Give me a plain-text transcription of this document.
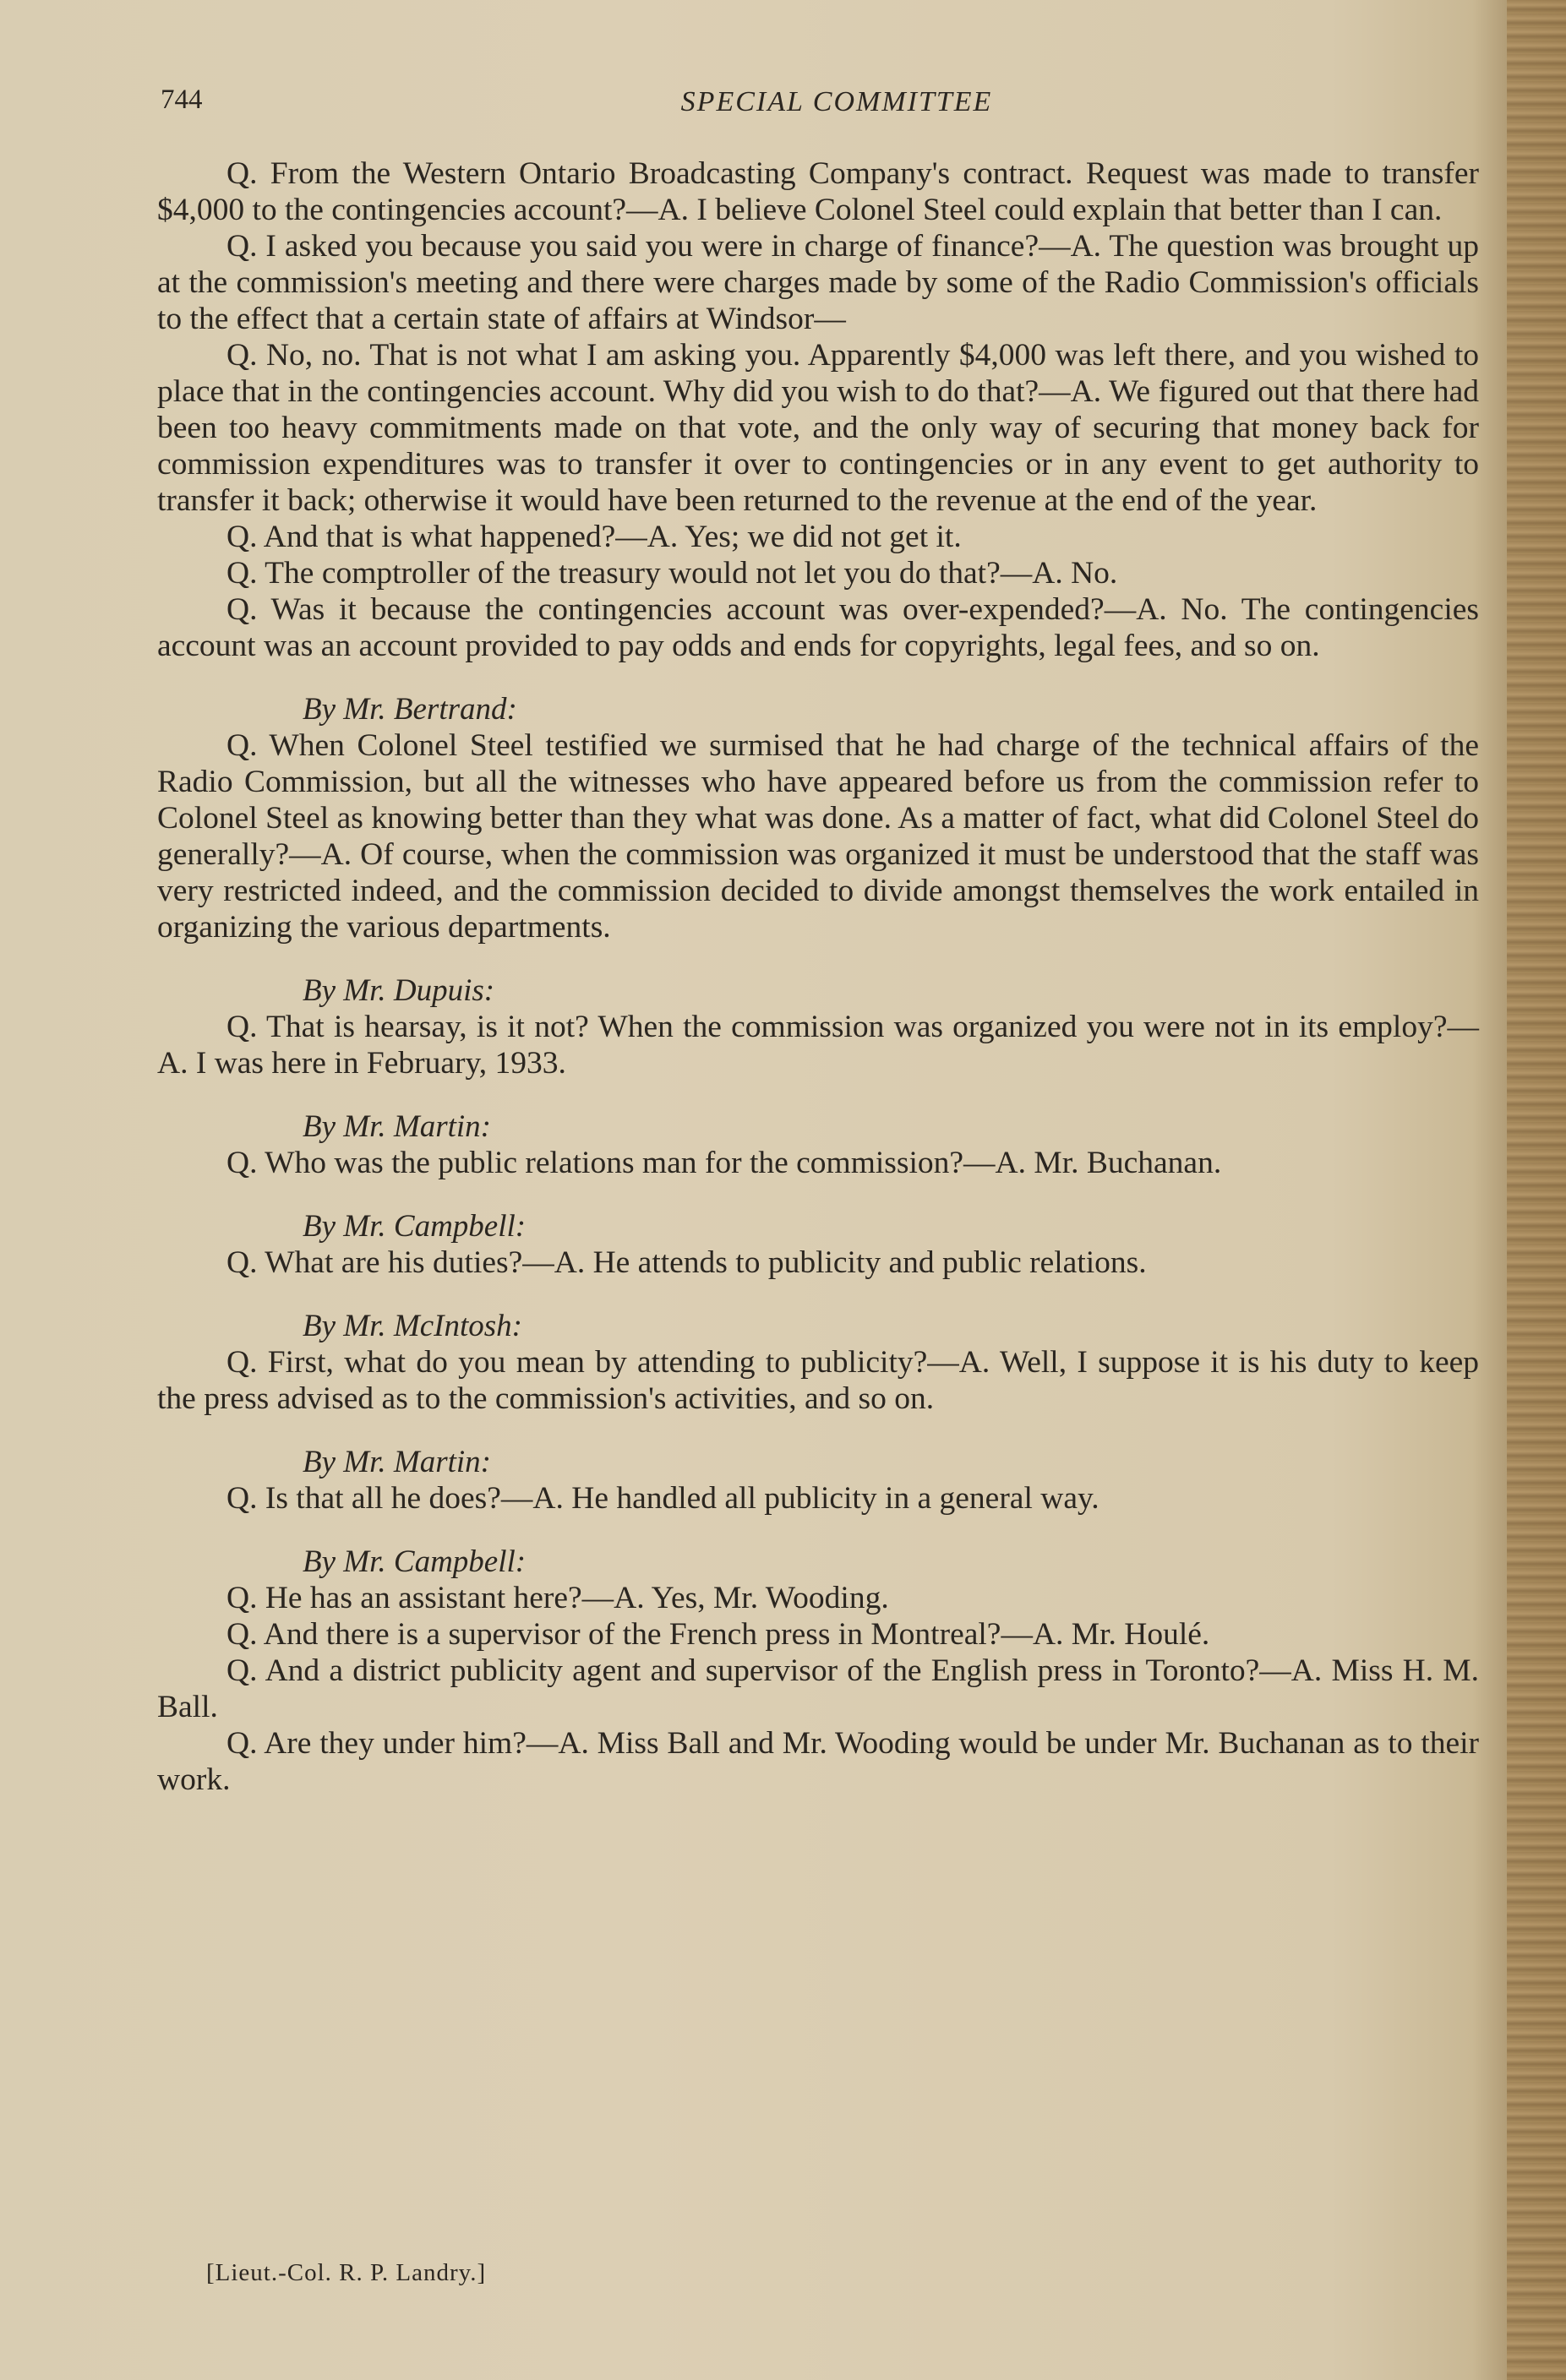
744	SPECIAL COMMITTEE

Q. From the Western Ontario Broadcasting Company's contract. Request was made to transfer $4,000 to the contingencies account?—A. I believe Colonel Steel could explain that better than I can.

Q. I asked you because you said you were in charge of finance?—A. The question was brought up at the commission's meeting and there were charges made by some of the Radio Commission's officials to the effect that a certain state of affairs at Windsor—

Q. No, no. That is not what I am asking you. Apparently $4,000 was left there, and you wished to place that in the contingencies account. Why did you wish to do that?—A. We figured out that there had been too heavy commitments made on that vote, and the only way of securing that money back for commission expenditures was to transfer it over to contingencies or in any event to get authority to transfer it back; otherwise it would have been returned to the revenue at the end of the year.

Q. And that is what happened?—A. Yes; we did not get it.

Q. The comptroller of the treasury would not let you do that?—A. No.

Q. Was it because the contingencies account was over-expended?—A. No. The contingencies account was an account provided to pay odds and ends for copyrights, legal fees, and so on.

By Mr. Bertrand:

Q. When Colonel Steel testified we surmised that he had charge of the technical affairs of the Radio Commission, but all the witnesses who have appeared before us from the commission refer to Colonel Steel as knowing better than they what was done. As a matter of fact, what did Colonel Steel do generally?—A. Of course, when the commission was organized it must be understood that the staff was very restricted indeed, and the commission decided to divide amongst themselves the work entailed in organizing the various departments.

By Mr. Dupuis:

Q. That is hearsay, is it not? When the commission was organized you were not in its employ?—A. I was here in February, 1933.

By Mr. Martin:

Q. Who was the public relations man for the commission?—A. Mr. Buchanan.

By Mr. Campbell:

Q. What are his duties?—A. He attends to publicity and public relations.

By Mr. McIntosh:

Q. First, what do you mean by attending to publicity?—A. Well, I suppose it is his duty to keep the press advised as to the commission's activities, and so on.

By Mr. Martin:

Q. Is that all he does?—A. He handled all publicity in a general way.

By Mr. Campbell:

Q. He has an assistant here?—A. Yes, Mr. Wooding.

Q. And there is a supervisor of the French press in Montreal?—A. Mr. Houlé.

Q. And a district publicity agent and supervisor of the English press in Toronto?—A. Miss H. M. Ball.

Q. Are they under him?—A. Miss Ball and Mr. Wooding would be under Mr. Buchanan as to their work.

[Lieut.-Col. R. P. Landry.]
